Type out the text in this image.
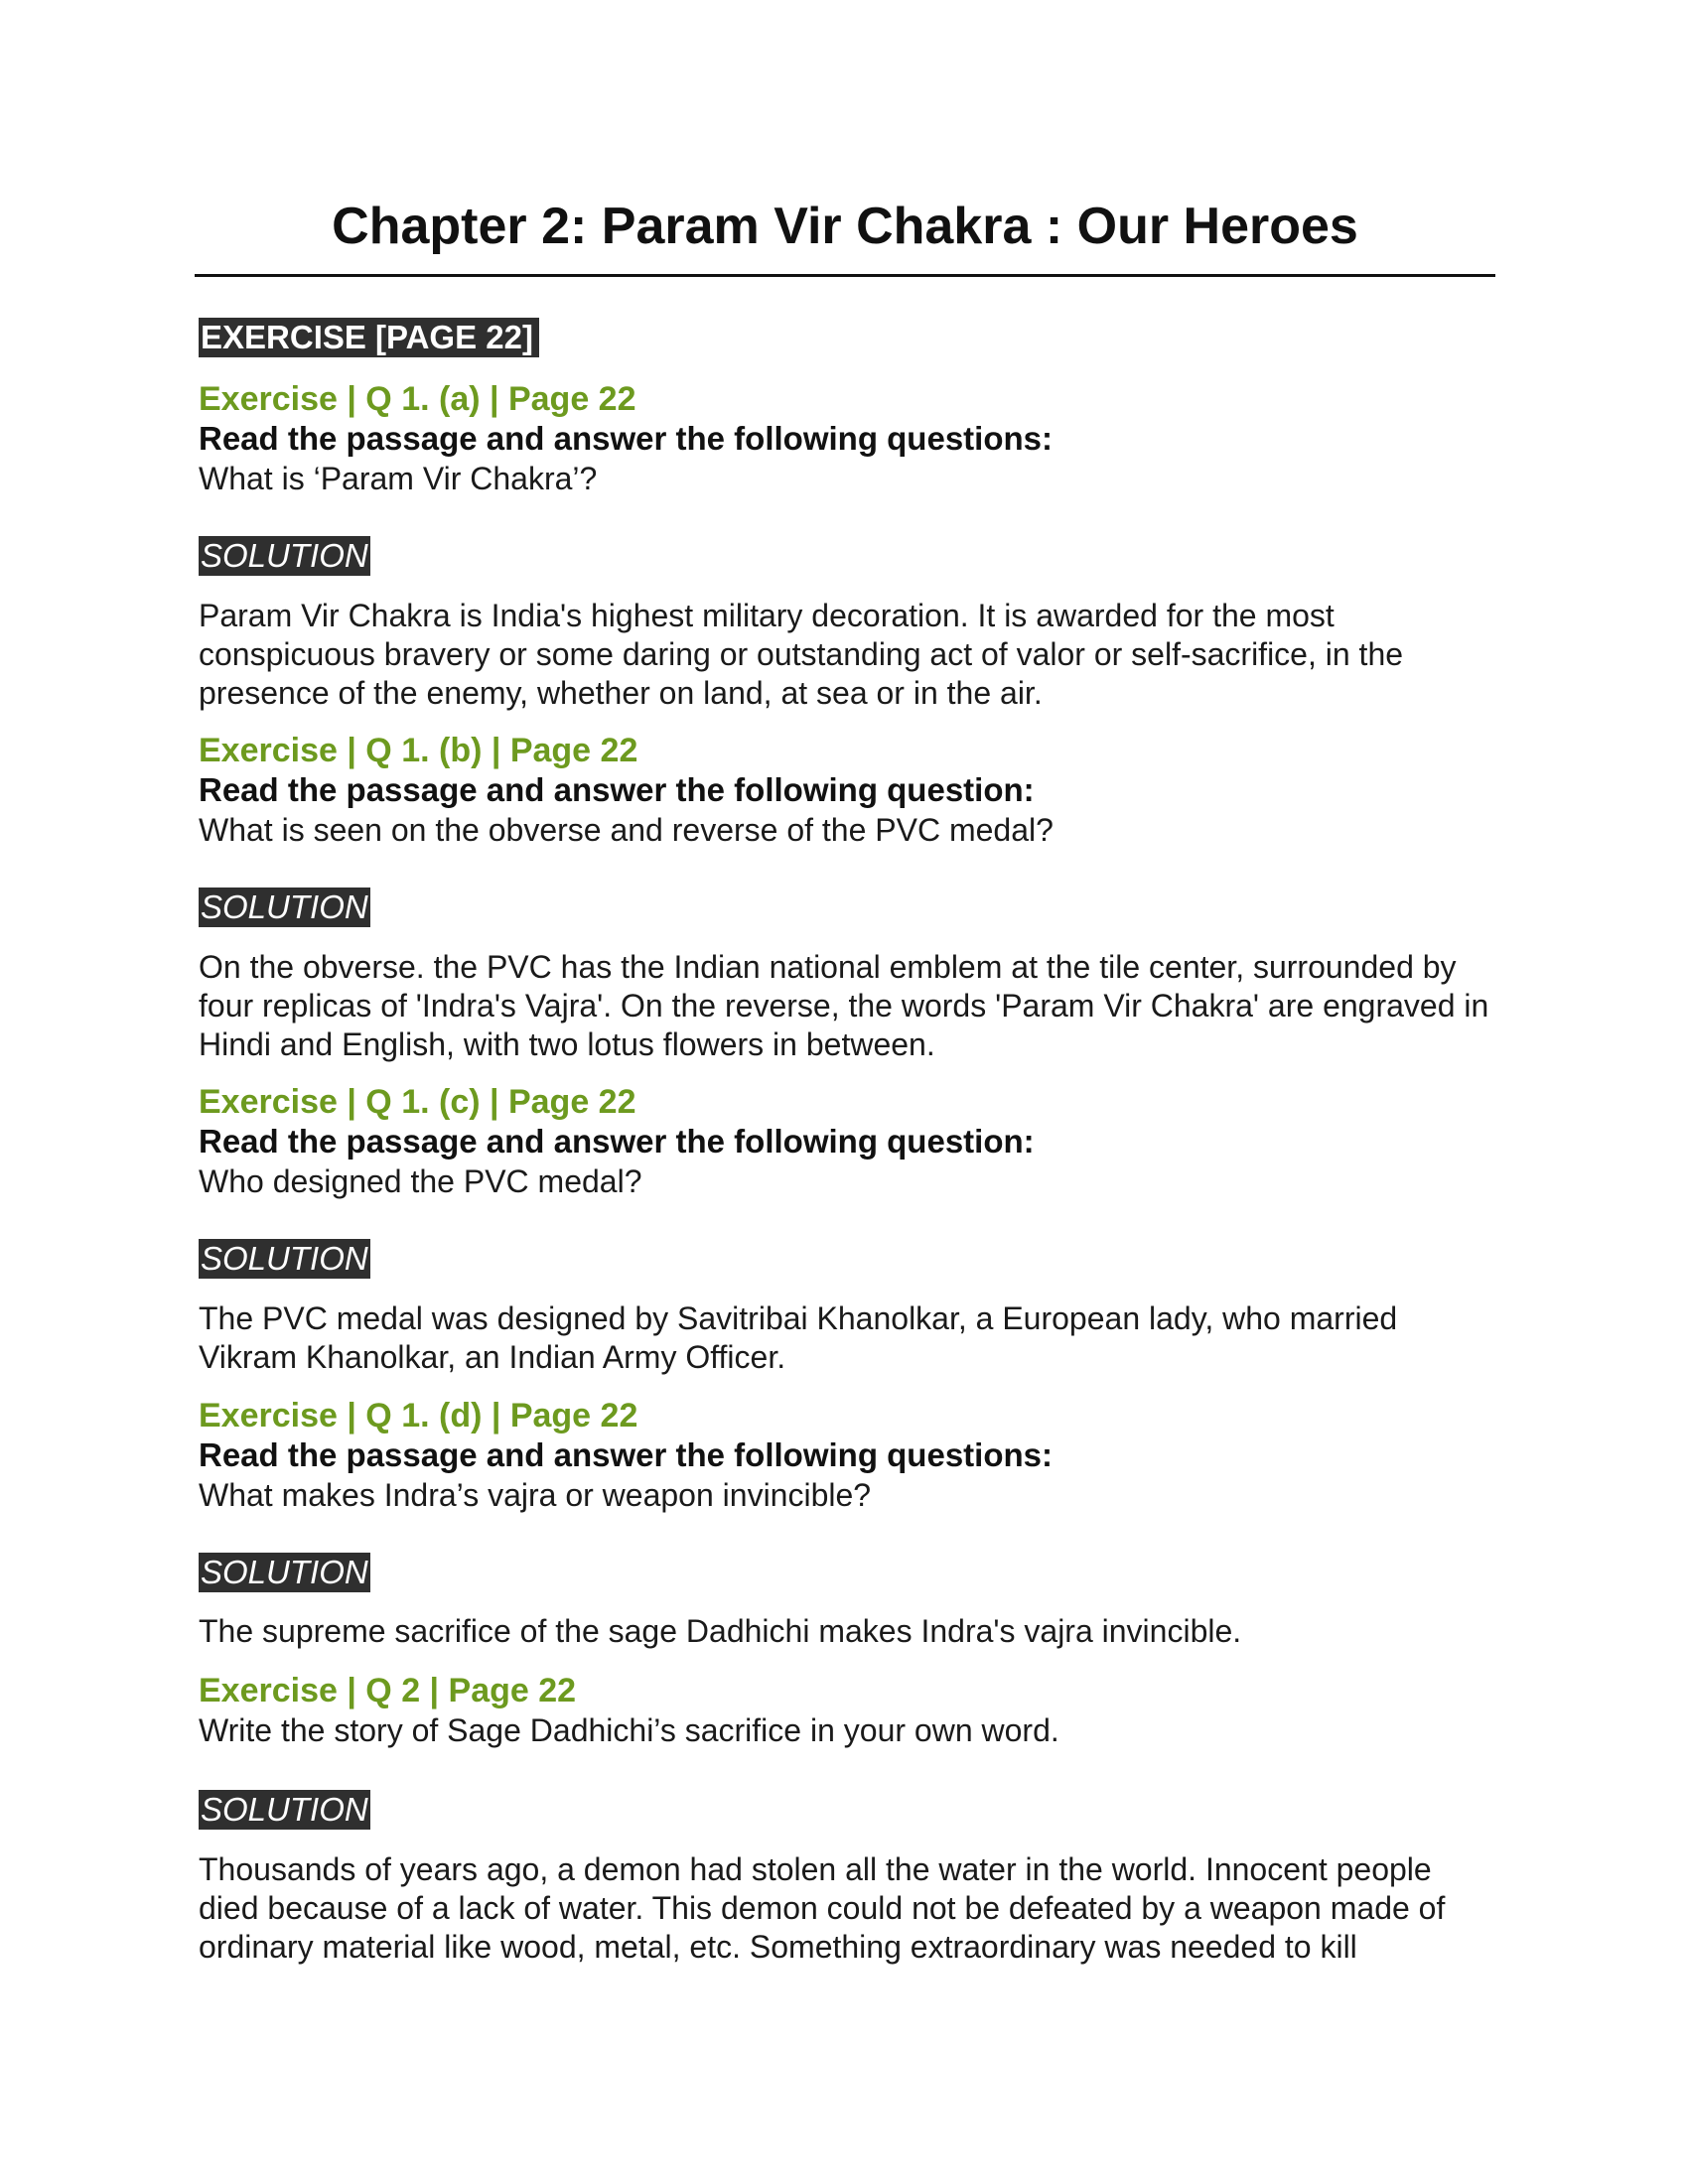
Chapter 2: Param Vir Chakra : Our Heroes
EXERCISE [PAGE 22]
Exercise | Q 1. (a) | Page 22
Read the passage and answer the following questions:
What is ‘Param Vir Chakra’?
SOLUTION
Param Vir Chakra is India's highest military decoration. It is awarded for the most conspicuous bravery or some daring or outstanding act of valor or self-sacrifice, in the presence of the enemy, whether on land, at sea or in the air.
Exercise | Q 1. (b) | Page 22
Read the passage and answer the following question:
What is seen on the obverse and reverse of the PVC medal?
SOLUTION
On the obverse. the PVC has the Indian national emblem at the tile center, surrounded by four replicas of 'Indra's Vajra'. On the reverse, the words 'Param Vir Chakra' are engraved in Hindi and English, with two lotus flowers in between.
Exercise | Q 1. (c) | Page 22
Read the passage and answer the following question:
Who designed the PVC medal?
SOLUTION
The PVC medal was designed by Savitribai Khanolkar, a European lady, who married Vikram Khanolkar, an Indian Army Officer.
Exercise | Q 1. (d) | Page 22
Read the passage and answer the following questions:
What makes Indra’s vajra or weapon invincible?
SOLUTION
The supreme sacrifice of the sage Dadhichi makes Indra's vajra invincible.
Exercise | Q 2 | Page 22
Write the story of Sage Dadhichi’s sacrifice in your own word.
SOLUTION
Thousands of years ago, a demon had stolen all the water in the world. Innocent people died because of a lack of water. This demon could not be defeated by a weapon made of ordinary material like wood, metal, etc. Something extraordinary was needed to kill
